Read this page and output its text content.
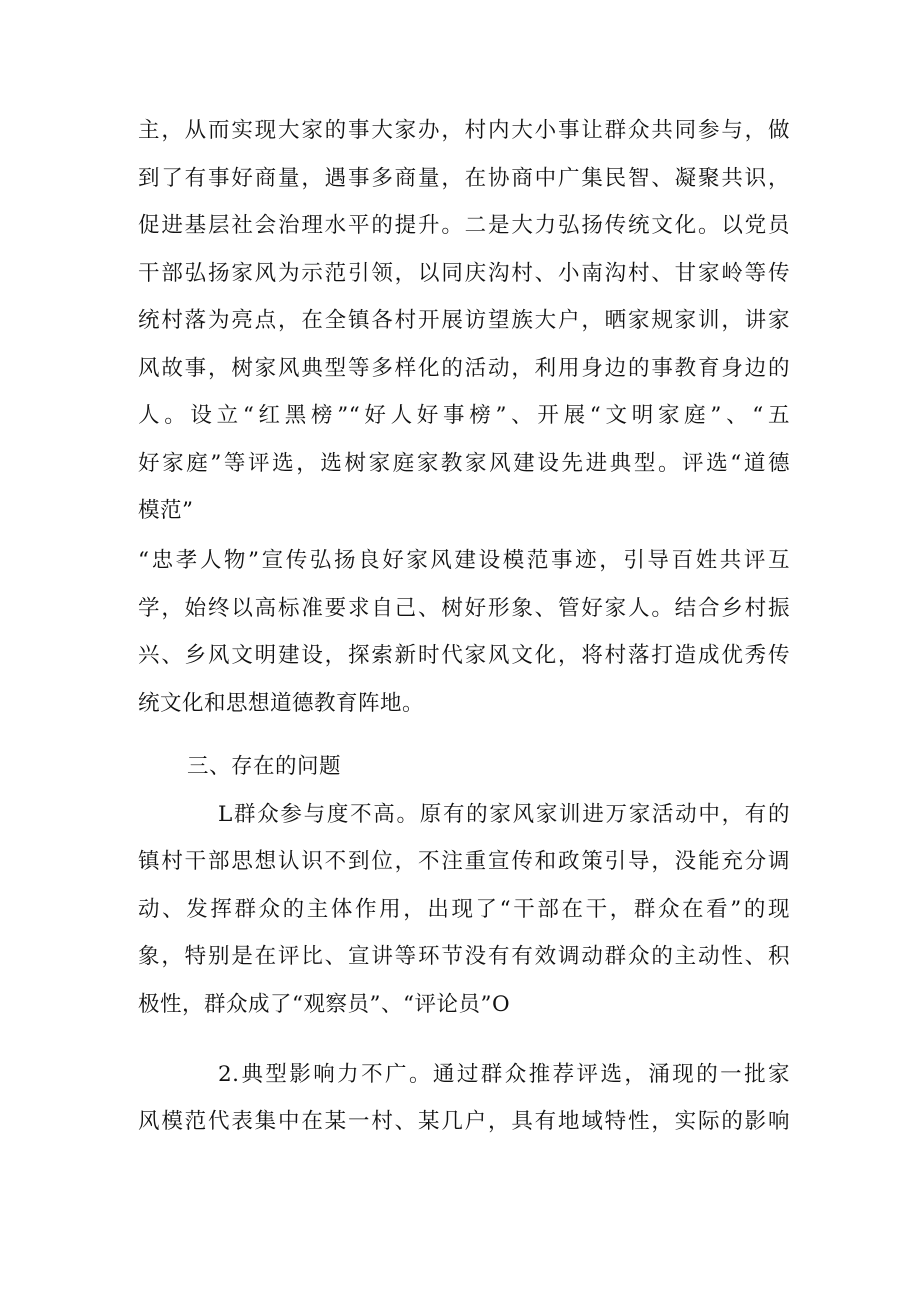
主，从而实现大家的事大家办，村内大小事让群众共同参与，做
到了有事好商量，遇事多商量，在协商中广集民智、凝聚共识，
促进基层社会治理水平的提升。二是大力弘扬传统文化。以党员
干部弘扬家风为示范引领，以同庆沟村、小南沟村、甘家岭等传
统村落为亮点，在全镇各村开展访望族大户，晒家规家训，讲家
风故事，树家风典型等多样化的活动，利用身边的事教育身边的
人。设立“红黑榜”“好人好事榜”、开展“文明家庭”、“五
好家庭”等评选，选树家庭家教家风建设先进典型。评选“道德
模范”
“忠孝人物”宣传弘扬良好家风建设模范事迹，引导百姓共评互
学，始终以高标准要求自己、树好形象、管好家人。结合乡村振
兴、乡风文明建设，探索新时代家风文化，将村落打造成优秀传
统文化和思想道德教育阵地。
三、存在的问题
L群众参与度不高。原有的家风家训进万家活动中，有的
镇村干部思想认识不到位，不注重宣传和政策引导，没能充分调
动、发挥群众的主体作用，出现了“干部在干，群众在看”的现
象，特别是在评比、宣讲等环节没有有效调动群众的主动性、积
极性，群众成了“观察员”、“评论员”O
2.典型影响力不广。通过群众推荐评选，涌现的一批家
风模范代表集中在某一村、某几户，具有地域特性，实际的影响
